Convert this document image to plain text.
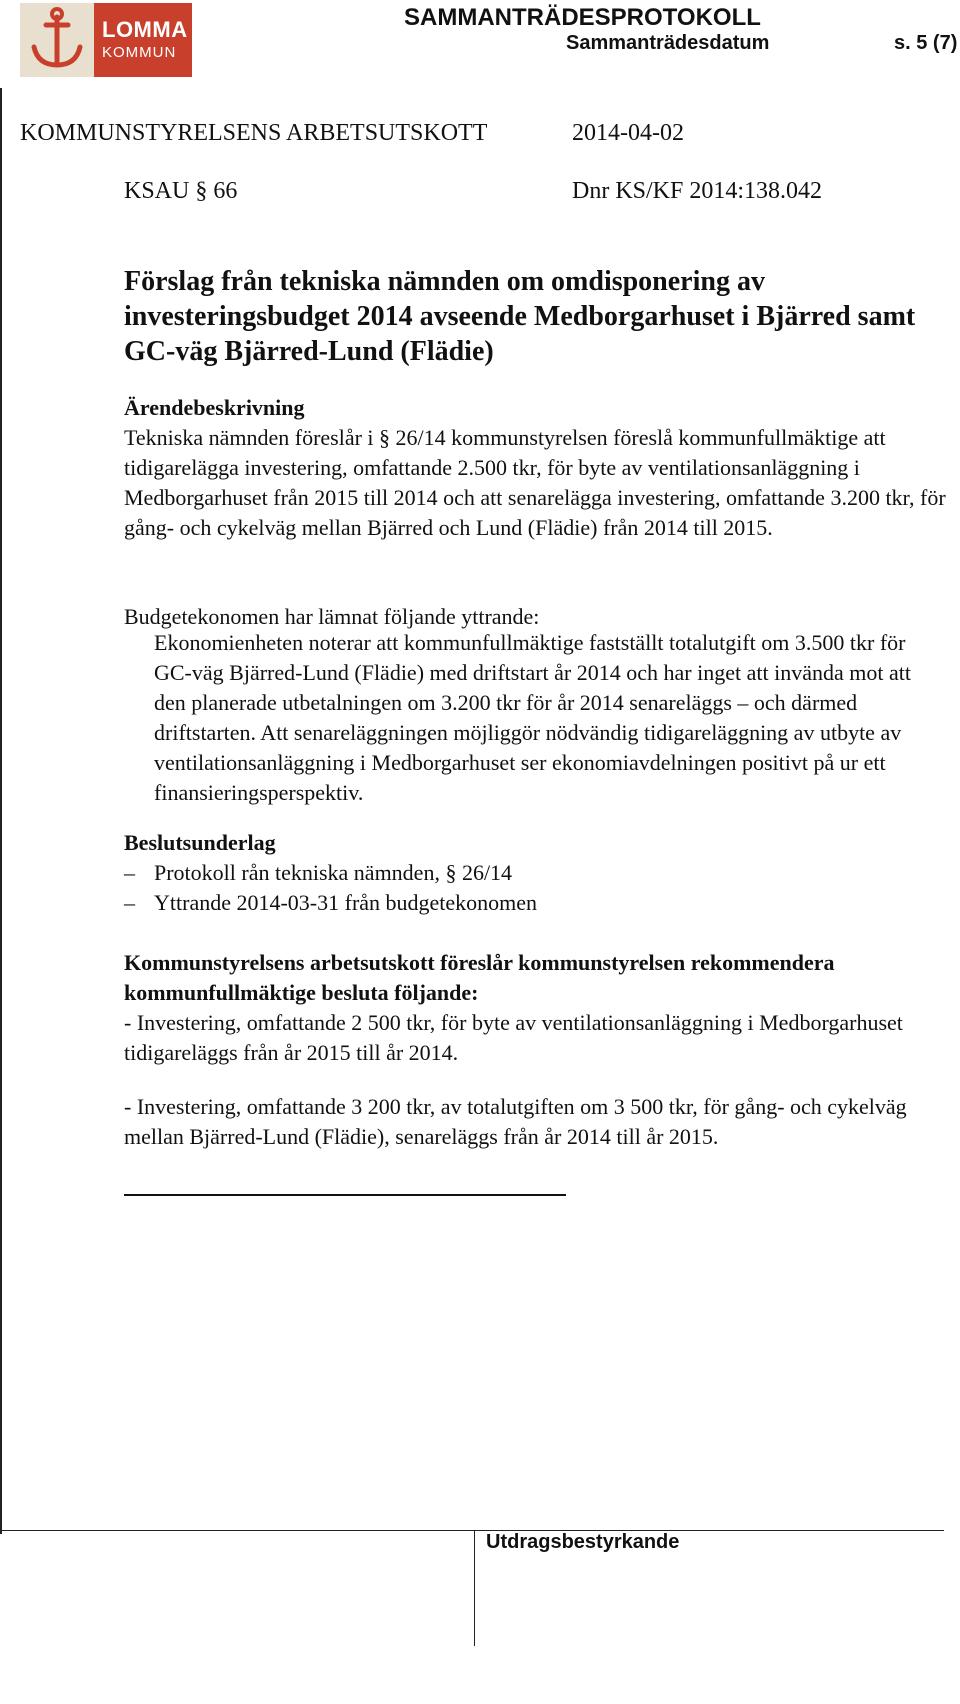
LOMMA
KOMMUN
SAMMANTRÄDESPROTOKOLL
Sammanträdesdatum	s. 5 (7)
KOMMUNSTYRELSENS ARBETSUTSKOTT	2014-04-02
KSAU § 66	Dnr KS/KF 2014:138.042
Förslag från tekniska nämnden om omdisponering av investeringsbudget 2014 avseende Medborgarhuset i Bjärred samt GC-väg Bjärred-Lund (Flädie)

Ärendebeskrivning

Tekniska nämnden föreslår i § 26/14 kommunstyrelsen föreslå kommunfullmäktige att tidigarelägga investering, omfattande 2.500 tkr, för byte av ventilationsanläggning i Medborgarhuset från 2015 till 2014 och att senarelägga investering, omfattande 3.200 tkr, för gång- och cykelväg mellan Bjärred och Lund (Flädie) från 2014 till 2015.

Budgetekonomen har lämnat följande yttrande:
Ekonomienheten noterar att kommunfullmäktige fastställt totalutgift om 3.500 tkr för GC-väg Bjärred-Lund (Flädie) med driftstart år 2014 och har inget att invända mot att den planerade utbetalningen om 3.200 tkr för år 2014 senareläggs – och därmed driftstarten. Att senareläggningen möjliggör nödvändig tidigareläggning av utbyte av ventilationsanläggning i Medborgarhuset ser ekonomiavdelningen positivt på ur ett finansieringsperspektiv.

Beslutsunderlag

– Protokoll rån tekniska nämnden, § 26/14
– Yttrande 2014-03-31 från budgetekonomen

Kommunstyrelsens arbetsutskott föreslår kommunstyrelsen rekommendera kommunfullmäktige besluta följande:

- Investering, omfattande 2 500 tkr, för byte av ventilationsanläggning i Medborgarhuset tidigareläggs från år 2015 till år 2014.

- Investering, omfattande 3 200 tkr, av totalutgiften om 3 500 tkr, för gång- och cykelväg mellan Bjärred-Lund (Flädie), senareläggs från år 2014 till år 2015.
Utdragsbestyrkande
